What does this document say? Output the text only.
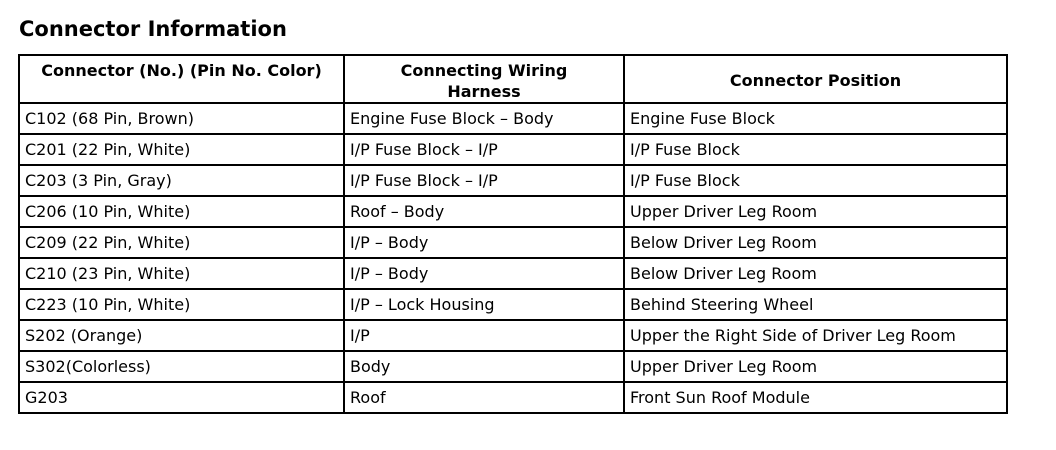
Connector Information
Connector (No.) (Pin No. Color)	Connecting Wiring Harness	Connector Position
C102 (68 Pin, Brown)	Engine Fuse Block – Body	Engine Fuse Block
C201 (22 Pin, White)	I/P Fuse Block – I/P	I/P Fuse Block
C203 (3 Pin, Gray)	I/P Fuse Block – I/P	I/P Fuse Block
C206 (10 Pin, White)	Roof – Body	Upper Driver Leg Room
C209 (22 Pin, White)	I/P – Body	Below Driver Leg Room
C210 (23 Pin, White)	I/P – Body	Below Driver Leg Room
C223 (10 Pin, White)	I/P – Lock Housing	Behind Steering Wheel
S202 (Orange)	I/P	Upper the Right Side of Driver Leg Room
S302(Colorless)	Body	Upper Driver Leg Room
G203	Roof	Front Sun Roof Module
